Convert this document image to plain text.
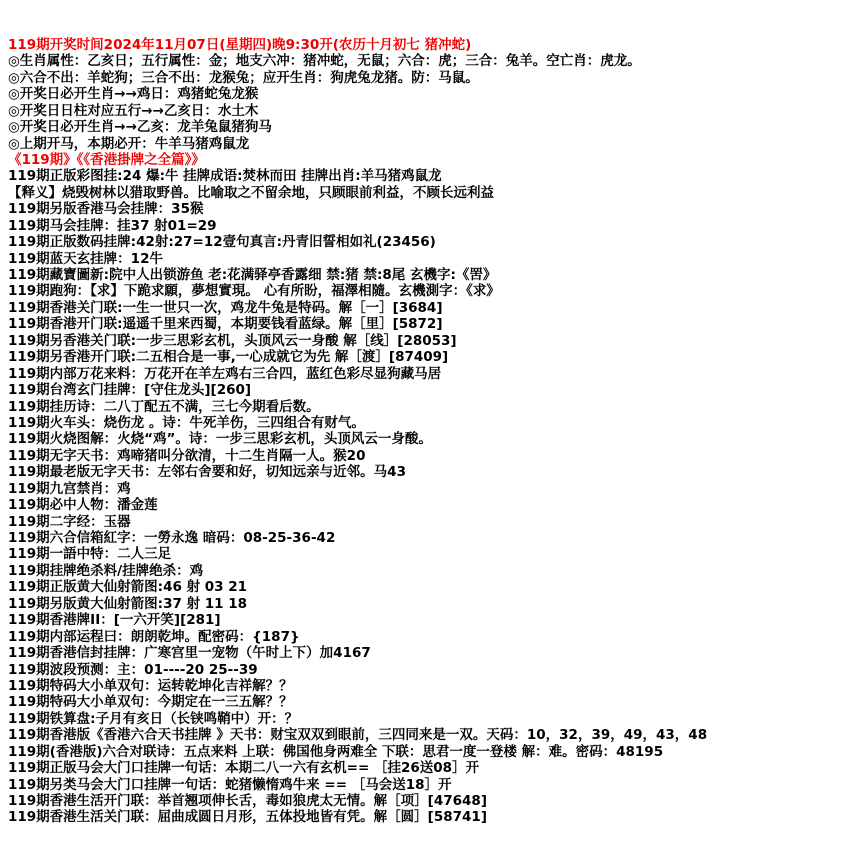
119期开奖时间2024年11月07日(星期四)晚9:30开(农历十月初七 猪冲蛇)
◎生肖属性：乙亥日；五行属性：金；地支六冲：猪冲蛇，无鼠；六合：虎；三合：兔羊。空亡肖：虎龙。
◎六合不出：羊蛇狗；三合不出：龙猴兔；应开生肖：狗虎兔龙猪。防：马鼠。
◎开奖日必开生肖→→鸡日：鸡猪蛇兔龙猴
◎开奖日日柱对应五行→→乙亥日：水土木
◎开奖日必开生肖→→乙亥：龙羊兔鼠猪狗马
◎上期开马，本期必开：牛羊马猪鸡鼠龙
《119期》《《香港掛牌之全篇》》
119期正版彩图挂:24 爆:牛 挂牌成语:焚林而田 挂牌出肖:羊马猪鸡鼠龙
【释义】烧毁树林以猎取野兽。比喻取之不留余地，只顾眼前利益，不顾长远利益
119期另版香港马会挂牌：35猴
119期马会挂牌：挂37 射01=29
119期正版数码挂牌:42射:27=12壹句真言:丹青旧誓相如礼(23456)
119期蓝天玄挂牌：12牛
119期藏寶圖新:院中人出锁游鱼 老:花满驿亭香露细 禁:猪 禁:8尾 玄機字:《罟》
119期跑狗：【求】下跪求願，夢想實現。 心有所盼，福澤相隨。玄機測字：《求》
119期香港关门联:一生一世只一次，鸡龙牛兔是特码。解［一］[3684]
119期香港开门联:遥遥千里来西蜀，本期要钱看蓝绿。解［里］[5872]
119期另香港关门联:一步三思彩玄机，头顶风云一身酸 解［线］[28053]
119期另香港开门联:二五相合是一事,一心成就它为先 解［渡］[87409]
119期内部万花来料：万花开在羊左鸡右三合四，蓝红色彩尽显狗藏马居
119期台湾玄门挂牌：[守住龙头][260]
119期挂历诗：二八丁配五不满，三七今期看后数。
119期火车头：烧伤龙 。诗：牛死羊伤，三四组合有财气。
119期火烧图解：火烧“鸡”。诗：一步三思彩玄机，头顶风云一身酸。
119期无字天书：鸡啼猪叫分欲清，十二生肖隔一人。猴20
119期最老版无字天书：左邻右舍要和好，切知远亲与近邻。马43
119期九宫禁肖：鸡
119期必中人物：潘金莲
119期二字经：玉器
119期六合信箱紅字：一勞永逸 暗码：08-25-36-42
119期一語中特：二人三足
119期挂牌绝杀料/挂牌绝杀：鸡
119期正版黄大仙射箭图:46 射 03 21
119期另版黄大仙射箭图:37 射 11 18
119期香港牌II：[一六开笑][281]
119期内部运程曰：朗朗乾坤。配密码：{187}
119期香港信封挂牌：广寒宫里一宠物（午时上下）加4167
119期波段预测：主：01----20 25--39
119期特码大小单双句：运转乾坤化吉祥解？？
119期特码大小单双句：今期定在一三五解？？
119期铁算盘:子月有亥日（长铗鸣鞘中）开：？
119期香港版《香港六合天书挂牌 》天书：财宝双双到眼前，三四同来是一双。天码：10，32，39，49，43，48
119期(香港版)六合对联诗：五点来料 上联：佛国他身两难全 下联：思君一度一登楼 解：难。密码：48195
119期正版马会大门口挂牌一句话：本期二八一六有玄机== ［挂26送08］开
119期另类马会大门口挂牌一句话：蛇猪懒惰鸡牛来 == ［马会送18］开
119期香港生活开门联：举首翘项伸长舌，毒如狼虎太无情。解［项］[47648]
119期香港生活关门联：屈曲成圆日月形，五体投地皆有凭。解［圆］[58741]
